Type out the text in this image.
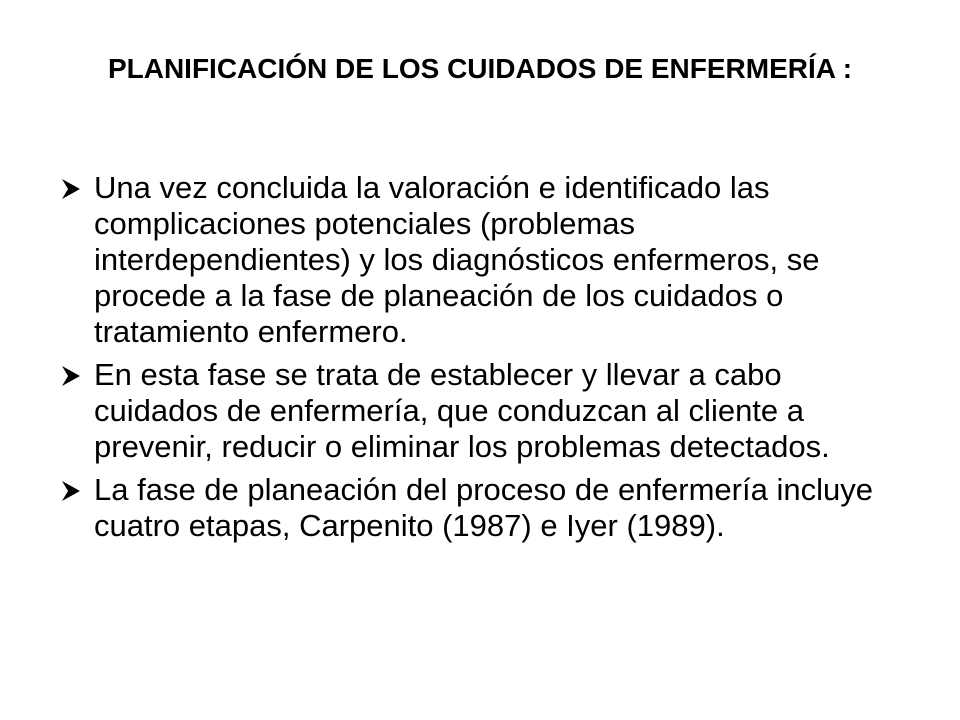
PLANIFICACIÓN DE LOS CUIDADOS DE ENFERMERÍA :
Una vez concluida la valoración e identificado las complicaciones potenciales (problemas interdependientes) y los diagnósticos enfermeros, se procede a la fase de planeación de los cuidados o tratamiento enfermero.
En esta fase se trata de establecer y llevar a cabo cuidados de enfermería, que conduzcan al cliente a prevenir, reducir o eliminar los problemas detectados.
La fase de planeación del proceso de enfermería incluye cuatro etapas, Carpenito (1987) e Iyer (1989).
